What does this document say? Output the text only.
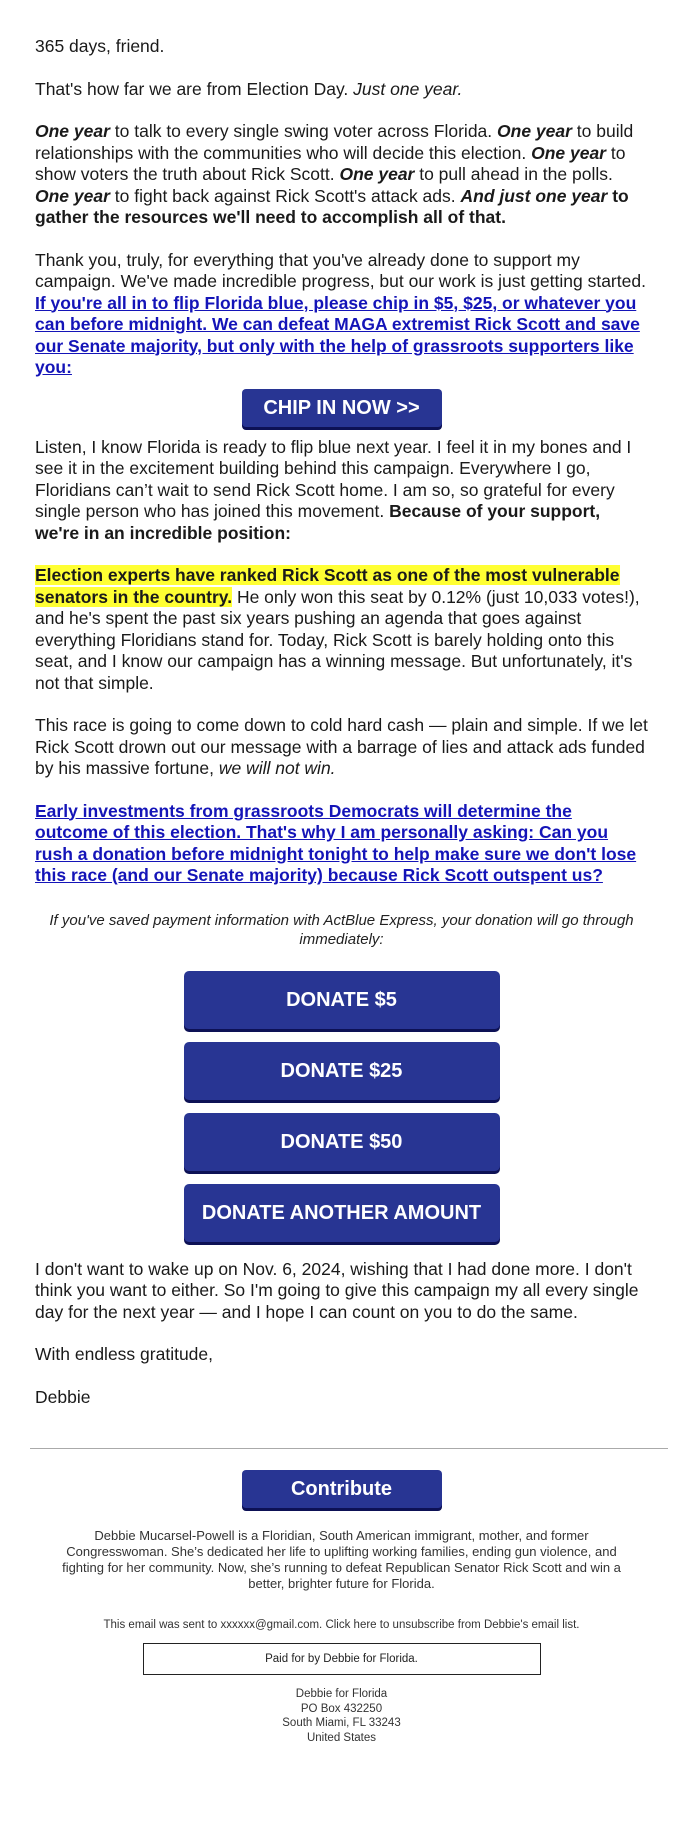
365 days, friend.

That's how far we are from Election Day. Just one year.

One year to talk to every single swing voter across Florida. One year to build relationships with the communities who will decide this election. One year to show voters the truth about Rick Scott. One year to pull ahead in the polls. One year to fight back against Rick Scott's attack ads. And just one year to gather the resources we'll need to accomplish all of that.

Thank you, truly, for everything that you've already done to support my campaign. We've made incredible progress, but our work is just getting started.
If you're all in to flip Florida blue, please chip in $5, $25, or whatever you can before midnight. We can defeat MAGA extremist Rick Scott and save our Senate majority, but only with the help of grassroots supporters like you:

CHIP IN NOW >>

Listen, I know Florida is ready to flip blue next year. I feel it in my bones and I see it in the excitement building behind this campaign. Everywhere I go, Floridians can’t wait to send Rick Scott home. I am so, so grateful for every single person who has joined this movement. Because of your support, we're in an incredible position:

Election experts have ranked Rick Scott as one of the most vulnerable senators in the country. He only won this seat by 0.12% (just 10,033 votes!), and he's spent the past six years pushing an agenda that goes against everything Floridians stand for. Today, Rick Scott is barely holding onto this seat, and I know our campaign has a winning message. But unfortunately, it's not that simple.

This race is going to come down to cold hard cash — plain and simple. If we let Rick Scott drown out our message with a barrage of lies and attack ads funded by his massive fortune, we will not win.

Early investments from grassroots Democrats will determine the outcome of this election. That's why I am personally asking: Can you rush a donation before midnight tonight to help make sure we don't lose this race (and our Senate majority) because Rick Scott outspent us?

If you've saved payment information with ActBlue Express, your donation will go through immediately:

DONATE $5
DONATE $25
DONATE $50
DONATE ANOTHER AMOUNT

I don't want to wake up on Nov. 6, 2024, wishing that I had done more. I don't think you want to either. So I'm going to give this campaign my all every single day for the next year — and I hope I can count on you to do the same.

With endless gratitude,

Debbie

Contribute

Debbie Mucarsel-Powell is a Floridian, South American immigrant, mother, and former Congresswoman. She’s dedicated her life to uplifting working families, ending gun violence, and fighting for her community. Now, she’s running to defeat Republican Senator Rick Scott and win a better, brighter future for Florida.

This email was sent to xxxxxx@gmail.com. Click here to unsubscribe from Debbie's email list.
Paid for by Debbie for Florida.
Debbie for Florida
PO Box 432250
South Miami, FL 33243
United States
